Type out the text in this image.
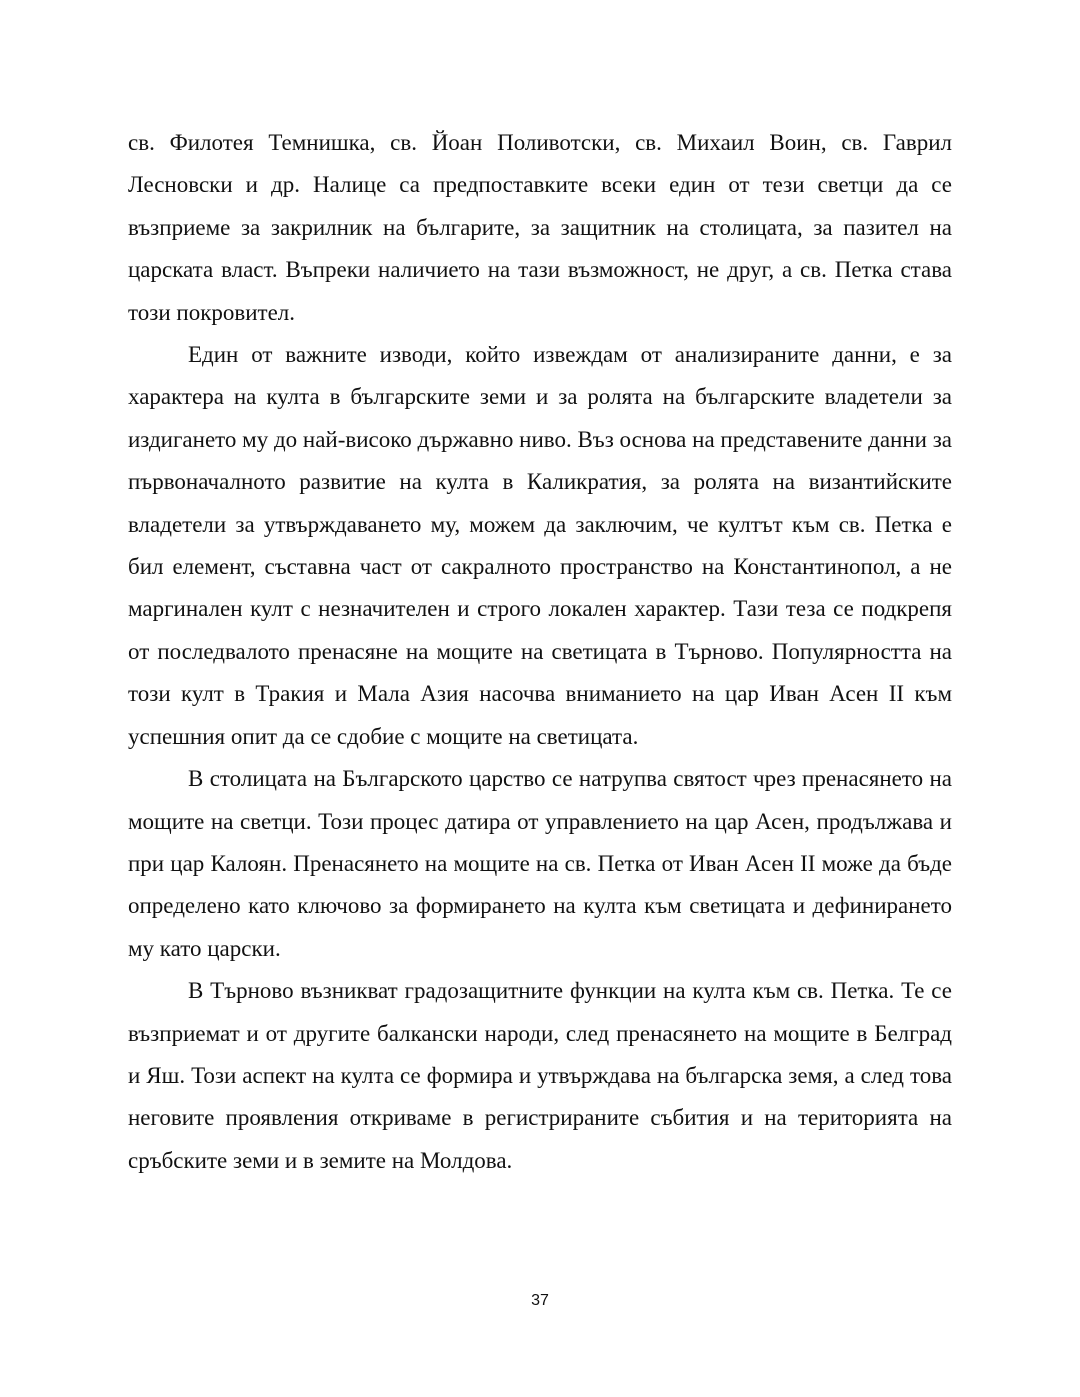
св. Филотея Темнишка, св. Йоан Поливотски, св. Михаил Воин, св. Гаврил Лесновски и др. Налице са предпоставките всеки един от тези светци да се възприеме за закрилник на българите, за защитник на столицата, за пазител на царската власт. Въпреки наличието на тази възможност, не друг, а св. Петка става този покровител.

Един от важните изводи, който извеждам от анализираните данни, е за характера на култа в българските земи и за ролята на българските владетели за издигането му до най-високо държавно ниво. Въз основа на представените данни за първоначалното развитие на култа в Каликратия, за ролята на византийските владетели за утвърждаването му, можем да заключим, че култът към св. Петка е бил елемент, съставна част от сакралното пространство на Константинопол, а не маргинален култ с незначителен и строго локален характер. Тази теза се подкрепя от последвалото пренасяне на мощите на светицата в Търново. Популярността на този култ в Тракия и Мала Азия насочва вниманието на цар Иван Асен II към успешния опит да се сдобие с мощите на светицата.

В столицата на Българското царство се натрупва святост чрез пренасянето на мощите на светци. Този процес датира от управлението на цар Асен, продължава и при цар Калоян. Пренасянето на мощите на св. Петка от Иван Асен II може да бъде определено като ключово за формирането на култа към светицата и дефинирането му като царски.

В Търново възникват градозащитните функции на култа към св. Петка. Те се възприемат и от другите балкански народи, след пренасянето на мощите в Белград и Яш. Този аспект на култа се формира и утвърждава на българска земя, а след това неговите проявления откриваме в регистрираните събития и на територията на сръбските земи и в земите на Молдова.

37
